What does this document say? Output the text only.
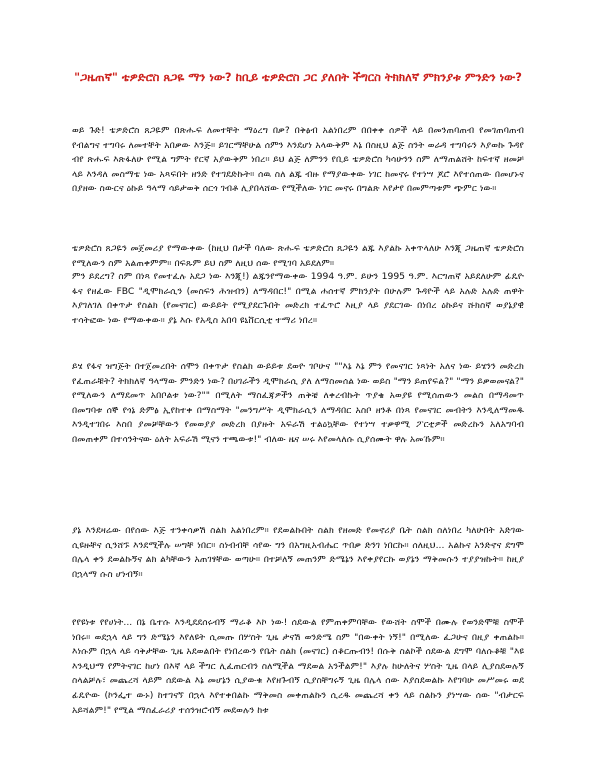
"ጋዜጠኛ" ቴዎድሮስ ጸጋዬ ማን ነው? ከቢይ ቴዎድሮስ ጋር ያለበት ችግርስ ትክክለኛ ምክንያቱ ምንድን ነው?

ወይ ጉድ! ቴዎድሮስ ጸጋዬም በጽሑፍ ለመተቸት ማዕረግ በቃ? በቅፅብ አልነበረም በበቀቀ ሰዎች ላይ በመንጠባጠብ የመገጠባጠብ የብልግና ተግባሩ ለመተቸት አበቃው እንጅ። ይገርማቸሁል ሰምን እንደሆነ አላውቅም እኔ በስዚህ ልጅ ስንት ወራዳ ተግባሩን እያወኩ ጉዳየ ብየ ጽሑፍ እጽፋለሁ የሚል ግምት የርኛ አያውቅም ነበረ። ይህ ልጅ ለምንን የቢይ ቴዎድሮስ ካሳሁንን ስም ለማጠልሸት ከፍተኛ ዘመቻ ላይ እንዳለ መስማቴ ነው አጻፍበት ዘንድ የተገደድኩት። ሰዉ ስለ ልጁ ብዙ የማያውቀው ነገር ከመኖሩ የተነሣ ጆሮ እየተሰጠው በመሆኑና በያዘው ስውርና ዕኩይ ዓላማ ሳይታወቅ ሰርጎ ገብቶ ሊያበላሸው የሚችለው ነገር መኖሩ በግልጽ እየታየ በመምጣቱም ጭምር ነው።

ቴዎድሮስ ጸጋዬን መጀመሪያ የማውቀው (ከዚህ በታች ባለው ጽሑፍ ቴዎድሮስ ጸጋዬን ልጁ እያልኩ አቀጥላለሁ እንጂ ጋዜጠኛ ቴዎድሮስ የሚለውን ስም አልጠቀምም። በፍጹም ይህ ስም ለዚህ ሰው የሚገባ አይደለም።

ምን ይደረግ? ስም በነጻ የመተፈሉ አደጋ ነው እንጂ!) ልጁንየማውቀው 1994 ዓ.ም. ይሁን 1995 ዓ.ም. እርግጠኛ አይደለሁም ፊዴዮ ፋና የዘፈው FBC "ዲሞክራሲን (መስፍን ሕዝብን) ለማዳበር!" በሚል ሐሰተኛ ምክንያት በሁሉም ጉዳዮች ላይ አሉድ አሉድ ጠዋት እያገለገለ በቀጥታ የስልክ (የመናገር) ውይይት የሚያደርጉበት መድረክ ተፈጥሮ እዚያ ላይ ያደርገው በነበረ ዕኩይና ሹክስኛ ወያኔያዊ ተሳትፎው ነው የማውቀው። ያኔ እሱ የአዲስ አበባ ዩኒቨርሲቲ ተማሪ ነበረ።

ይሄ የፋና ዝግጅት በተጀመረበት ሰሞን በቀጥታ የስልክ ውይይቱ ደወዮ ገቦሁና ""እኔ እኔ ምን የመናገር ነጻነት አለና ነው ይሄንን መድረክ የፈጠራቹት? ትክክለኛ ዓላማው ምንድን ነው? በሀገራችን ዲሞክራሲ ያለ ለማስመሰል ነው ወይስ "ማን ይጠየፍል?" "ማን ይቃወመናል?" የሚለውን ለማደመጥ አበቦልቱ ነው?"" በሚለት ማስፈጃዎችን ጠቅቼ ለቀረብኩት ጥያቄ አወያዩ የሚሰጠውን መልስ በማዳመጥ በመግባቱ ሰኞ የጎኔ ድምፅ ኢየከተቀ በማስማት "መንግሥት ዲሞክራሲን ለማዳበር አስቦ ዘንቶ በነጻ የመናገር መብትን እንዲለማመዱ እንዲተገበሩ እስበ ያመቻቸውን የመወያያ መድረክ በያዙት አፍራሽ ተልዕኳቸው የተነሣ ተቃዋሚ ፖርቲዎች መድረኩን አለአግባብ በመጠቀም በተሳንትናው ዕለት አፍራሽ ሚናን ተጫውቱ!" ብለው ዜና ሠሩ እየመላለሱ ሲያሰሙት ዋሉ አመኹም።

ያኔ እንደዛሬው በየሰው እጅ ተንቀሳቃሽ ስልክ አልነበረም። የደወልኩበት ስልክ የዘመድ የመኖሪያ ቤት ስልክ ስለነበረ ካለሁበት አድገው ሲዩዙቸና ሲንሸኙ እንደሚችሉ ሠግቸ ነበር። ስነብብቸ ሳየው ግን በአግዚአብሔር ጥበቃ ድንገ ነበርኩ። ሰለዚህ... አልኩና አንድኖና ደግሞ በሌላ ቀን ደወልኩኝና ልክ ልካቸውን አጠገፃቸው ወጣሁ። በተቻለኝ መጠንም ድሜኔን እየቀያየርኩ ወያኔን ማቅመሱን ተያያዝኩት። ከዚያ በኋላማ ሱስ ሆነብኝ።

የየዩነቱ የየሀነት... በኔ ቤተሱ እንዲደደሰሩብኝ ማራቆ እኮ ነው! ሰደውል የምጠቀምባቸው የውሸት ስሞች በሙሉ የወንድሞቹ ስሞች ነበሩ። ወደኋላ ላይ ግን ድሜኔን እየለዩት ሲመጡ በሦስት ጊዜ ታናሽ ወንድሜ ስም "በውቀት ነኝ!" በሚለው ፈጋሁና በዚያ ቀጠልኩ። እነሱም በኋላ ላይ ሳቅታቸው ጊዜ አደወልበት የነበረውን የቤት ስልክ (መናገር) ሰቆርጡብን! በሱቅ ስልኮች ሰደውል ደግሞ ባለሱቆቹ "እዩ እንዲህማ የምትናገር ከሆነ በእኛ ላይ ችግር ሊፈጠርብን ስለሚችል ማደወል አንችልም!" እያሉ ከሁለትና ሦስት ጊዜ በላይ ሊያስደወሉኝ ስላልቻሉ፣ መጨረሻ ላይም ሰደውል እኔ መሆኔን ሲያውቁ እየዘጉብኝ ሲያስቸግሩኝ ጊዜ በሌላ ሰው እያስደወልኩ እየገባሁ መሥመሩ ወደ ፊዴዮው (ኮንፌተ ውኑ) ከተገናኘ በኋላ እየተቀበልኩ ማቅመስ መቀጠልኩን ሲረዱ መጨረሻ ቀን ላይ ስልኩን ያነሣው ሰው "ብታርፍ አይሻልም!" የሚል ማስፈራሪያ ተሰንዝሮብኝ መደወሉን ከቱ
